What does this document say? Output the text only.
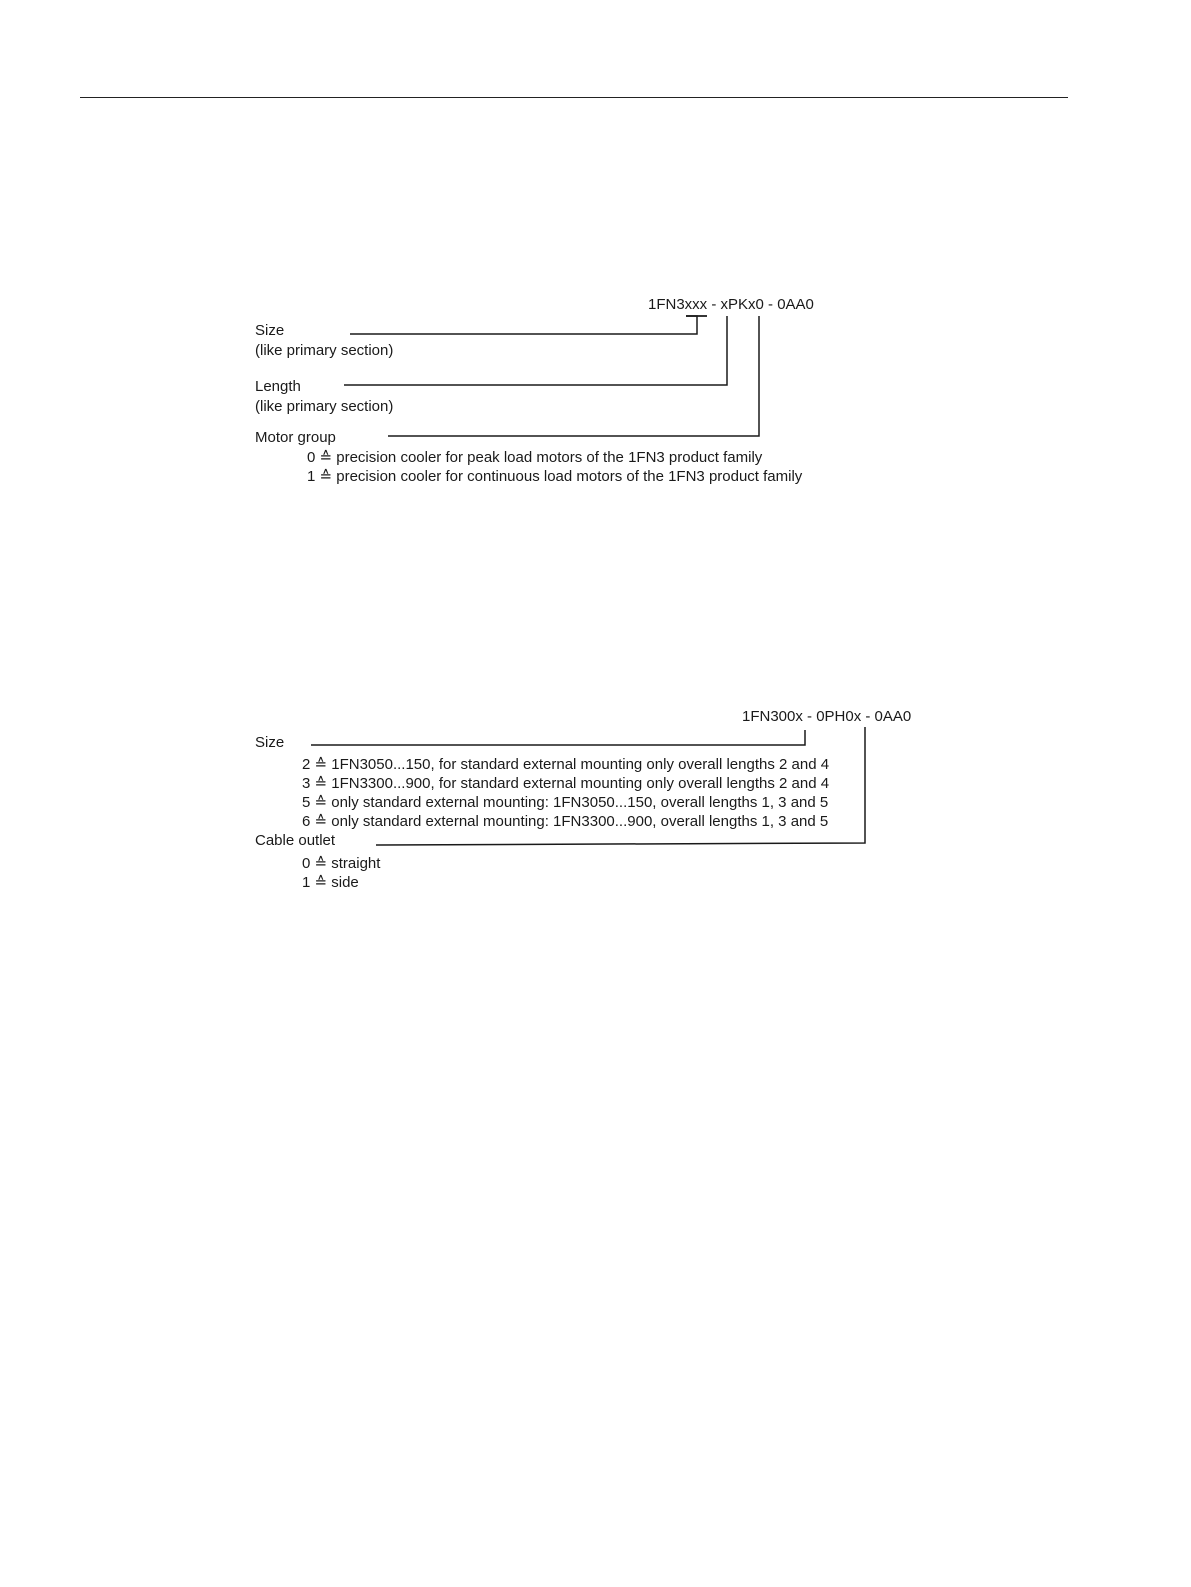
1FN3xxx - xPKx0 - 0AA0
Size
(like primary section)
Length
(like primary section)
Motor group
0 ≙ precision cooler for peak load motors of the 1FN3 product family
1 ≙ precision cooler for continuous load motors of the 1FN3 product family
1FN300x - 0PH0x - 0AA0
Size
2 ≙ 1FN3050...150, for standard external mounting only overall lengths 2 and 4
3 ≙ 1FN3300...900, for standard external mounting only overall lengths 2 and 4
5 ≙ only standard external mounting: 1FN3050...150, overall lengths 1, 3 and 5
6 ≙ only standard external mounting: 1FN3300...900, overall lengths 1, 3 and 5
Cable outlet
0 ≙ straight
1 ≙ side
